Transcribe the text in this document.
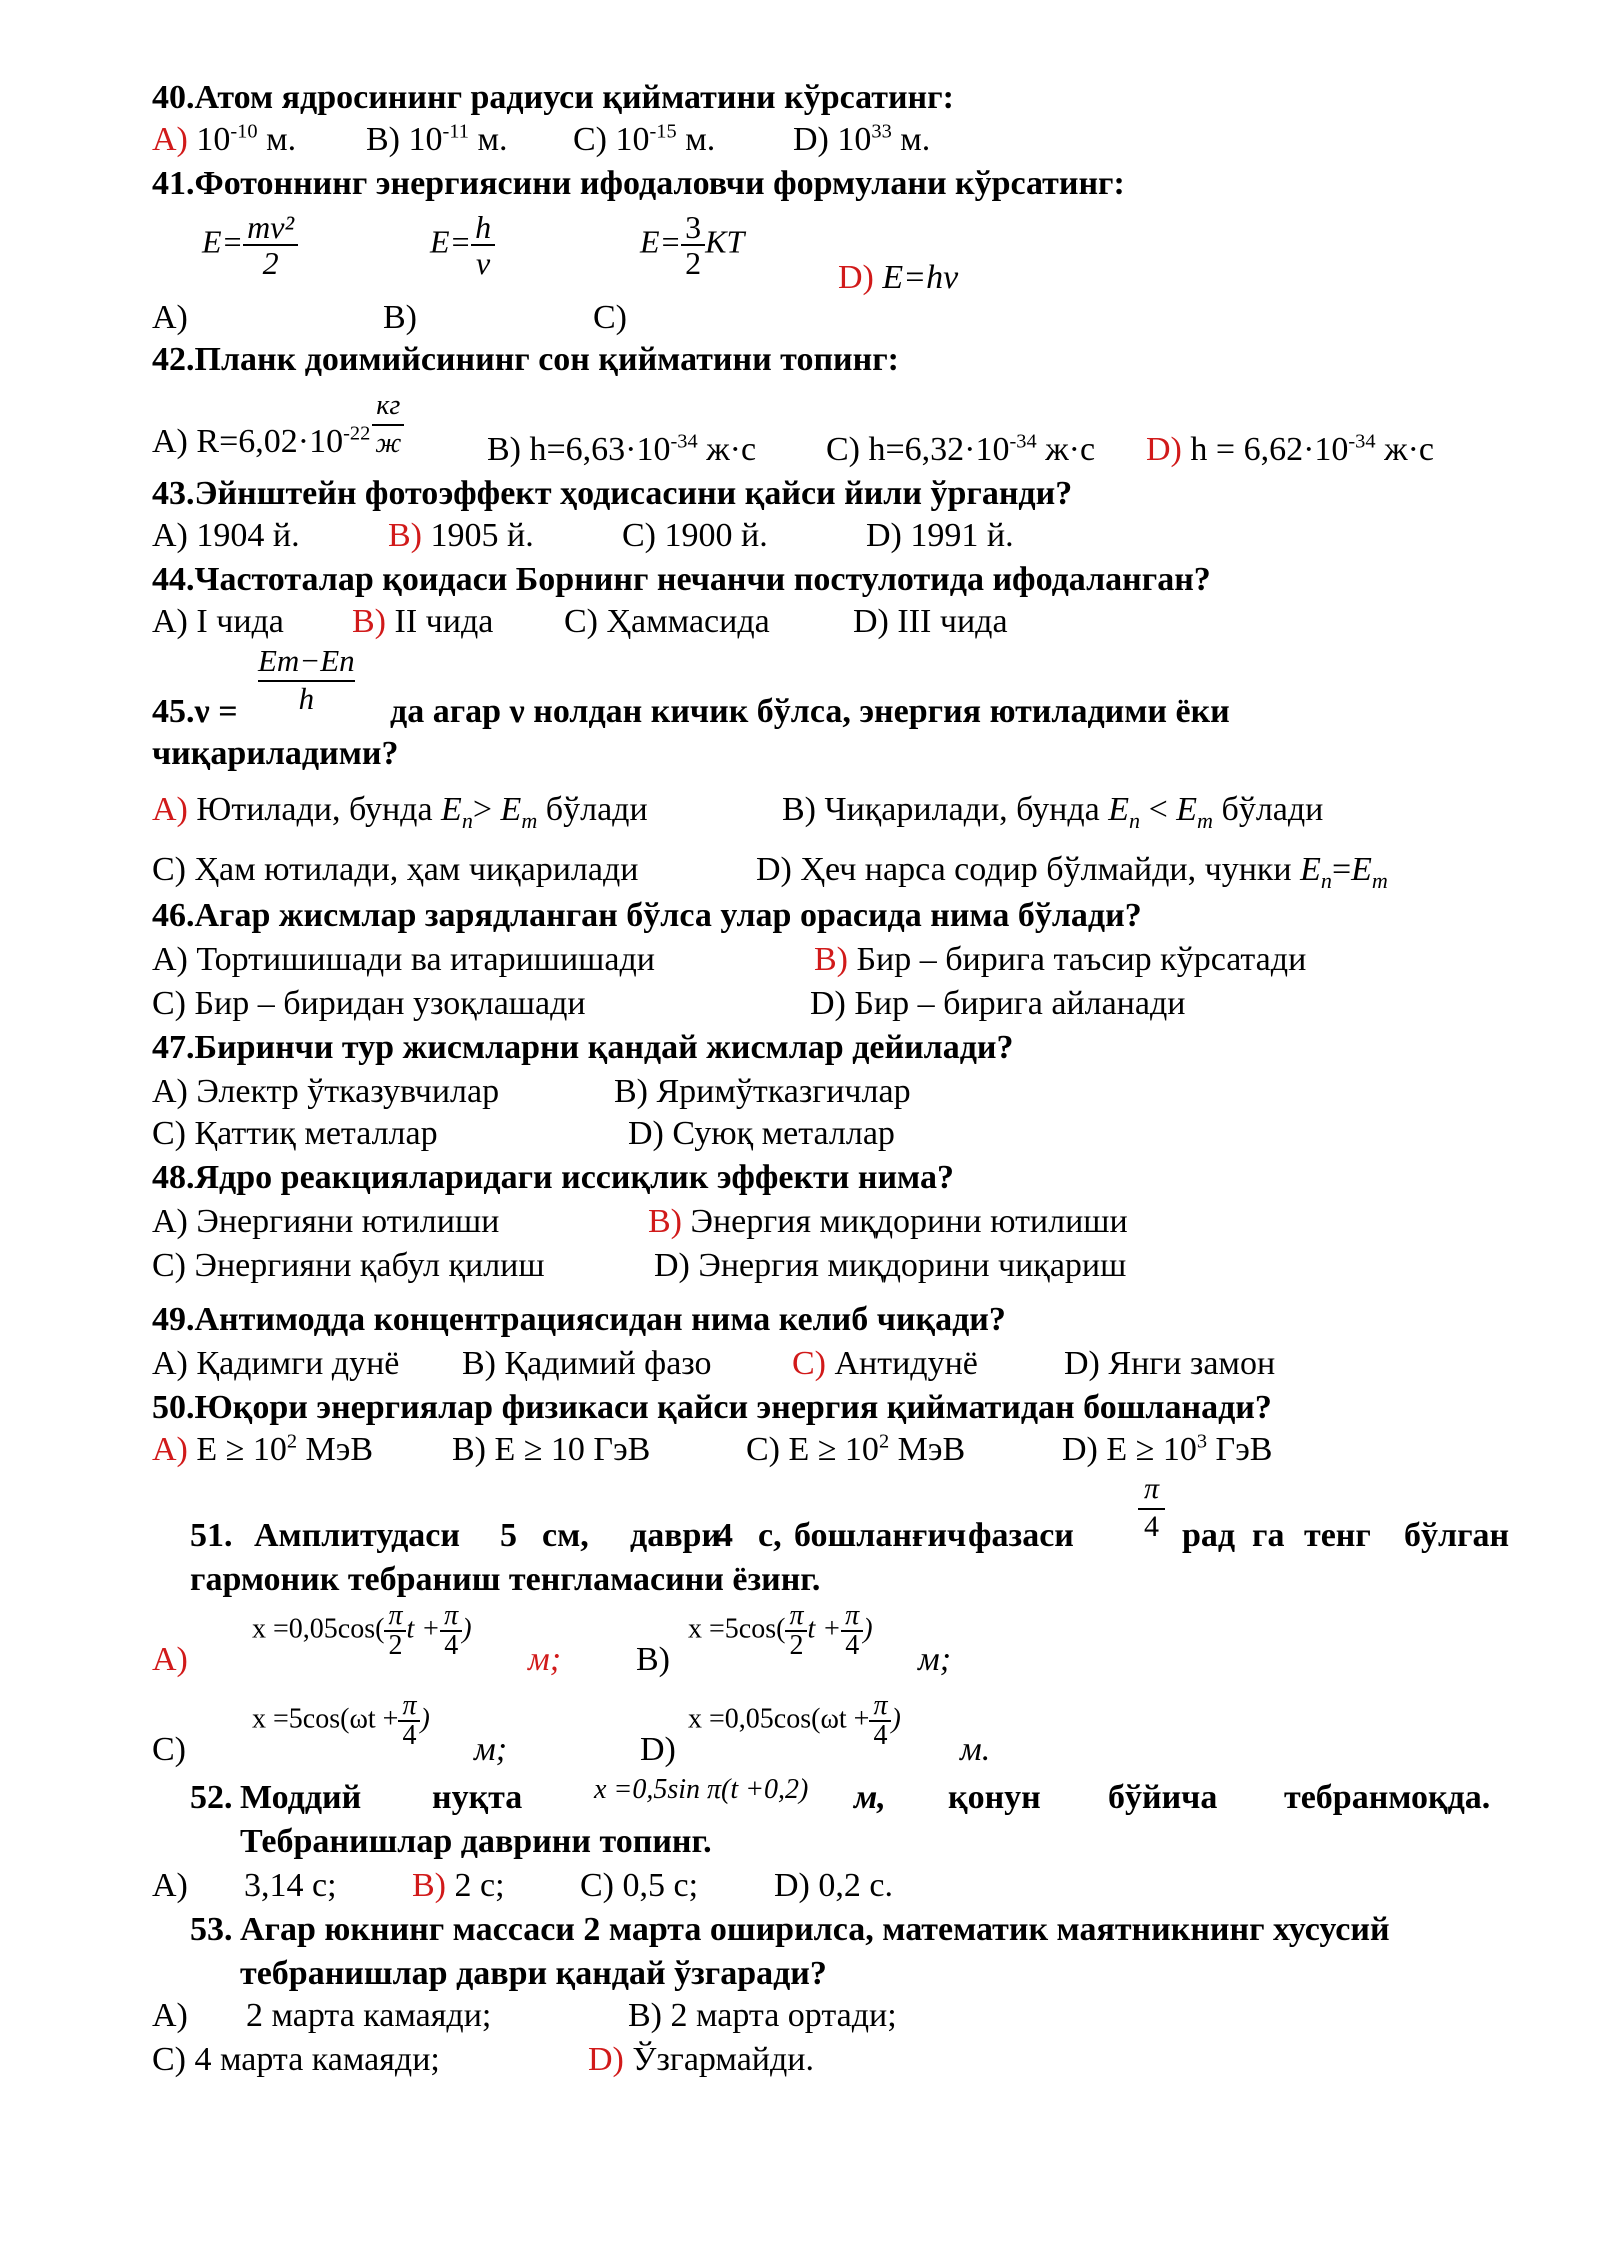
40.Атом ядросининг радиуси қийматини кўрсатинг:
A) $10^{-10}$ м. B) $10^{-11}$ м. C) $10^{-15}$ м. D) $10^{33}$ м.
41.Фотоннинг энергиясини ифодаловчи формулани кўрсатинг:
$E= \frac{\text{mv²}}{2}$	$E= \frac{h}{\nu}$	$E= \frac{3}{2}$ KT
D) E=hν
A)	B)	C)
42.Планк доимийсининг сон қийматини топинг:
A) $R=6,02\cdot 10^{-22} \frac{кг}{ж} B$) $h=6,63\cdot 10^{-34}$ ж·с C) $h=6,32\cdot 10^{-34}$ ж·с D) $h = 6,62\cdot 10^{-34}$ ж·с
43.Эйнштейн фотоэффект ҳодисасини қайси йили ўрганди?
A) 1904 й.	B) 1905 й.	C) 1900 й.	D) 1991 й.
44.Частоталар қоидаси Борнинг нечанчи постулотида ифодаланган?
A) I чида B) II чида C) Ҳаммасида D) III чида
$\frac{Em-En}{h}$
45.ν =	да агар ν нолдан кичик бўлса, энергия ютиладими ёки
чиқариладими?
A) Ютилади, бунда $E_n> E_m$ бўлади	B) Чиқарилади, бунда $E_n < E_m$ бўлади
C) Ҳам ютилади, ҳам чиқарилади	D) Ҳеч нарса содир бўлмайди, чунки $E_n=E_m$
46.Агар жисмлар зарядланган бўлса улар орасида нима бўлади?
A) Тортишишади ва итаришишади	B) Бир – бирига таъсир кўрсатади
C) Бир – биридан узоқлашади	D) Бир – бирига айланади
47.Биринчи тур жисмларни қандай жисмлар дейилади?
A) Электр ўтказувчилар	B) Яримўтказгичлар
C) Қаттиқ металлар	D) Суюқ металлар
48.Ядро реакцияларидаги иссиқлик эффекти нима?
A) Энергияни ютилиши	B) Энергия миқдорини ютилиши
C) Энергияни қабул қилиш	D) Энергия миқдорини чиқариш
49.Антимодда концентрациясидан нима келиб чиқади?
A) Қадимги дунё B) Қадимий фазо C) Антидунё	D) Янги замон
50.Юқори энергиялар физикаси қайси энергия қийматидан бошланади?
A) $E \ge 10^2$ МэВ B) E ≥ 10 ГэВ	C) $E \ge 10^2$ МэВ	D) $E \ge 10^3$ ГэВ
$\frac{\pi}{4}$
51. Амплитудаси 5 см, даври
4 с, бошланғич фазаси	рад га тенг бўлган
гармоник тебраниш тенгламасини ёзинг.
$x =0,05\cos( \frac{\pi}{2}$ $t + \frac{\pi}{4}$ )
A)	м;
$x =5\cos( \frac{\pi}{2}$ $t + \frac{\pi}{4}$ )
B)	м;
$x =5\cos(\omega t + \frac{\pi}{4}$ )
C)	м;
$x =0,05\cos(\omega t + \frac{\pi}{4}$ )
D)	м.
52. Моддий нуқта	x =0,5sin π(t +0,2) м, қонун бўйича тебранмоқда.
Тебранишлар даврини топинг.
A) 3,14 с; B) 2 с; C) 0,5 с; D) 0,2 с.
53. Агар юкнинг массаси 2 марта оширилса, математик маятникнинг хусусий
тебранишлар даври қандай ўзгаради?
A) 2 марта камаяди;	B) 2 марта ортади;
C) 4 марта камаяди;	D) Ўзгармайди.
